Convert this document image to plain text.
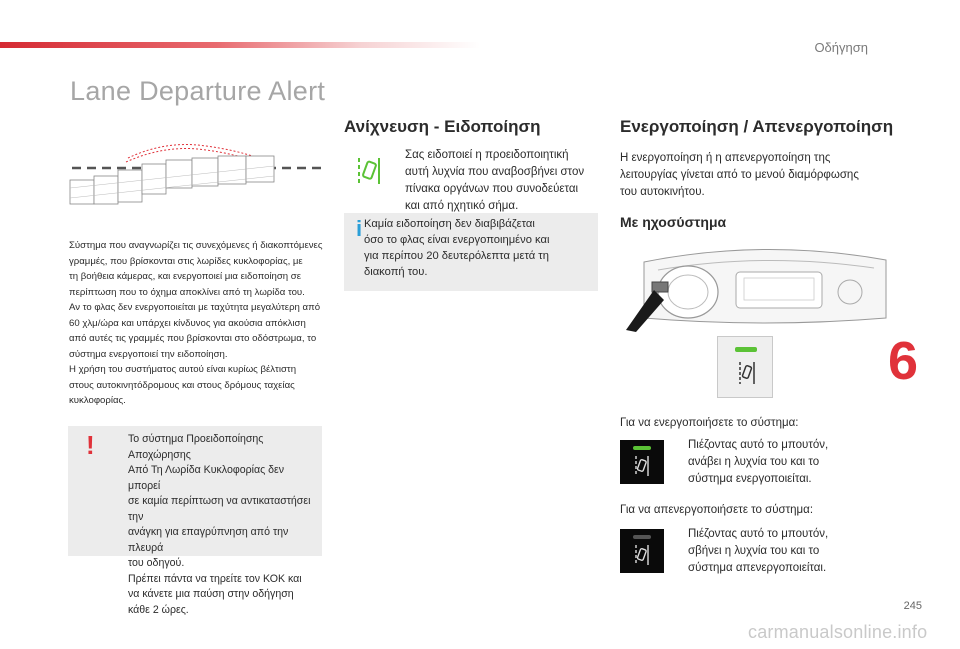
Οδήγηση
Lane Departure Alert
Σύστημα που αναγνωρίζει τις συνεχόμενες ή διακοπτόμενες
γραμμές, που βρίσκονται στις λωρίδες κυκλοφορίας, με
τη βοήθεια κάμερας, και ενεργοποιεί μια ειδοποίηση σε
περίπτωση που το όχημα αποκλίνει από τη λωρίδα του.
Αν το φλας δεν ενεργοποιείται με ταχύτητα μεγαλύτερη από
60 χλμ/ώρα και υπάρχει κίνδυνος για ακούσια απόκλιση
από αυτές τις γραμμές που βρίσκονται στο οδόστρωμα, το
σύστημα ενεργοποιεί την ειδοποίηση.
Η χρήση του συστήματος αυτού είναι κυρίως βέλτιστη
στους αυτοκινητόδρομους και στους δρόμους ταχείας
κυκλοφορίας.
!	Το σύστημα Προειδοποίησης Αποχώρησης
Από Τη Λωρίδα Κυκλοφορίας δεν μπορεί
σε καμία περίπτωση να αντικαταστήσει την
ανάγκη για επαγρύπνηση από την πλευρά
του οδηγού.
Πρέπει πάντα να τηρείτε τον ΚΟΚ και
να κάνετε μια παύση στην οδήγηση
κάθε 2 ώρες.
Ανίχνευση - Ειδοποίηση
Σας ειδοποιεί η προειδοποιητική
αυτή λυχνία που αναβοσβήνει στον
πίνακα οργάνων που συνοδεύεται
και από ηχητικό σήμα.
i Καμία ειδοποίηση δεν διαβιβάζεται
όσο το φλας είναι ενεργοποιημένο και
για περίπου 20 δευτερόλεπτα μετά τη
διακοπή του.
Ενεργοποίηση / Απενεργοποίηση
Η ενεργοποίηση ή η απενεργοποίηση της
λειτουργίας γίνεται από το μενού διαμόρφωσης
του αυτοκινήτου.
Με ηχοσύστημα
Για να ενεργοποιήσετε το σύστημα:
Πιέζοντας αυτό το μπουτόν,
ανάβει η λυχνία του και το
σύστημα ενεργοποιείται.
Για να απενεργοποιήσετε το σύστημα:
Πιέζοντας αυτό το μπουτόν,
σβήνει η λυχνία του και το
σύστημα απενεργοποιείται.
6
245
carmanualsonline.info
